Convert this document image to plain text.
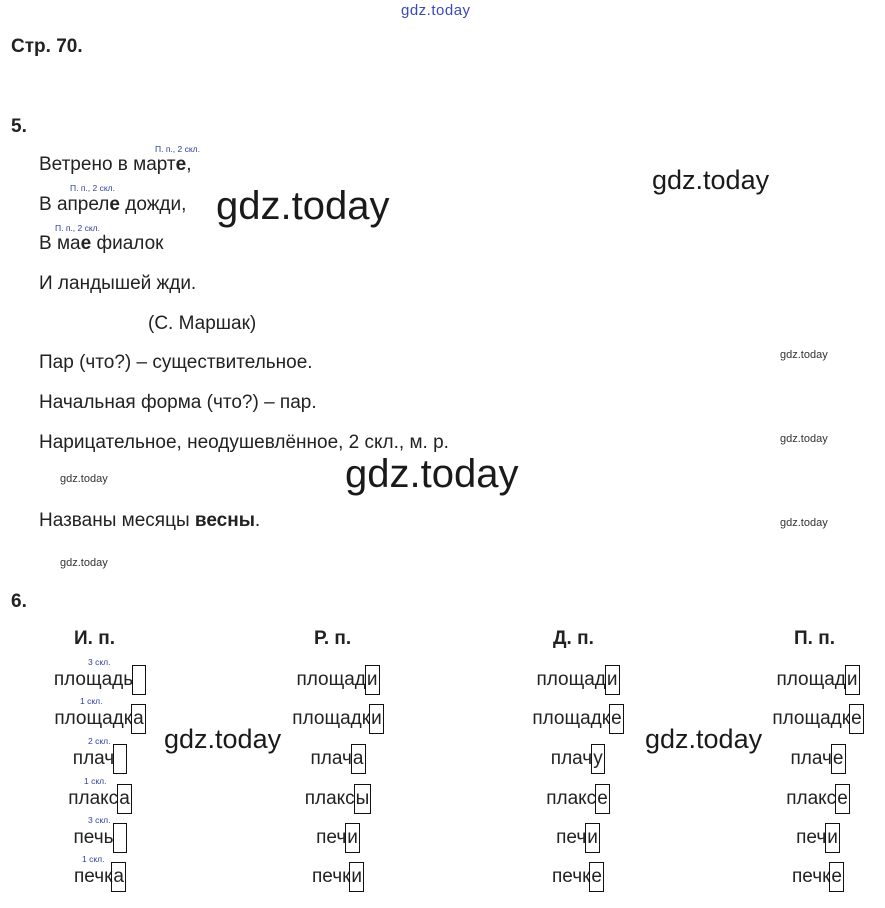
gdz.today
gdz.today
gdz.today
gdz.today
gdz.today	gdz.today
gdz.today
gdz.today
gdz.today
gdz.today
gdz.today
Стр. 70.
5.
П. п., 2 скл.
Ветрено в марте,
П. п., 2 скл.
В апреле дожди,
П. п., 2 скл.
В мае фиалок
И ландышей жди.
(С. Маршак)
Пар (что?) – существительное.
Начальная форма (что?) – пар.
Нарицательное, неодушевлённое, 2 скл., м. р.
Названы месяцы весны.
6.
И. п.	Р. п.	Д. п.	П. п.
3 скл.
площадь	площад и	площад и	площад и
1 скл.
площадк а	площадк и	площадк е	площадк е
2 скл.
плач	плач а	плач у	плач е
1 скл.
плакс а	плакс ы	плакс е	плакс е
3 скл.
печь	печ и	печ и	печ и
1 скл.
печк а	печк и	печк е	печк е
